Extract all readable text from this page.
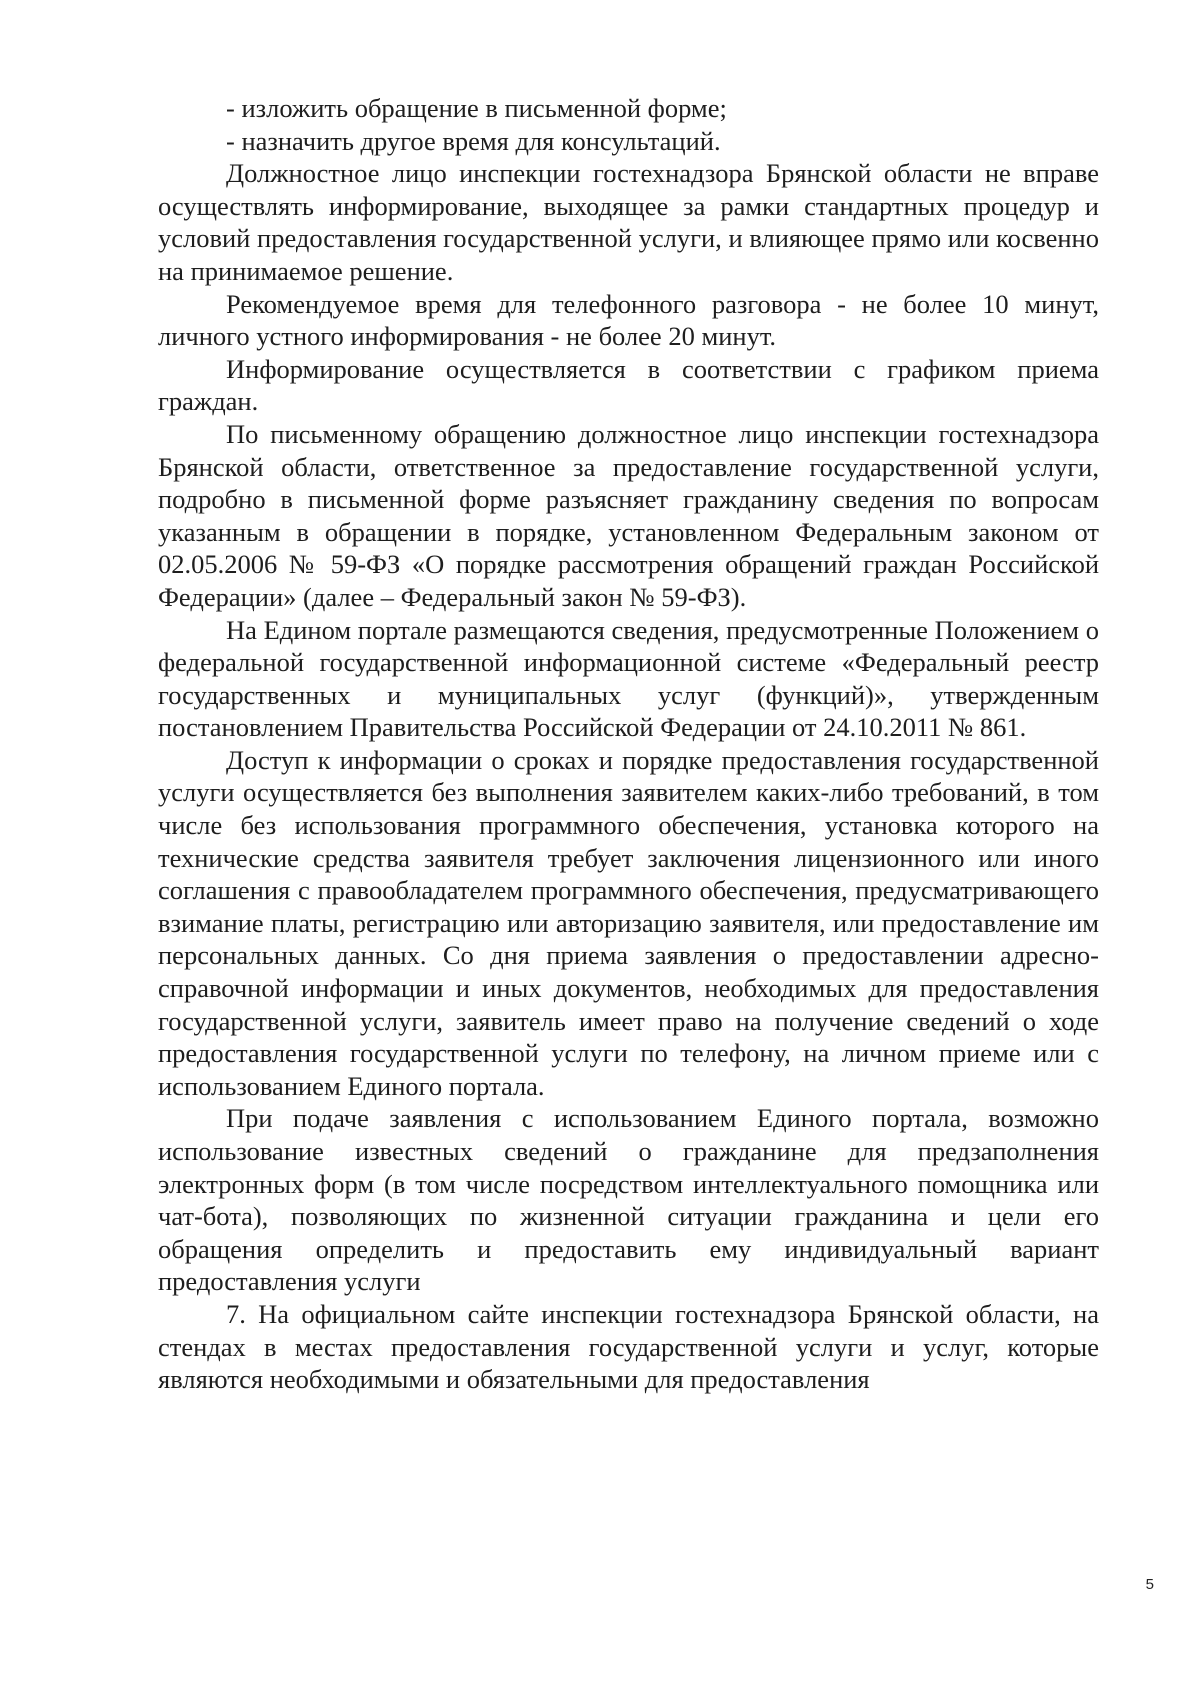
- изложить обращение в письменной форме;

- назначить другое время для консультаций.

Должностное лицо инспекции гостехнадзора Брянской области не вправе осуществлять информирование, выходящее за рамки стандартных процедур и условий предоставления государственной услуги, и влияющее прямо или косвенно на принимаемое решение.

Рекомендуемое время для телефонного разговора - не более 10 минут, личного устного информирования - не более 20 минут.

Информирование осуществляется в соответствии с графиком приема граждан.

По письменному обращению должностное лицо инспекции гостехнадзора Брянской области, ответственное за предоставление государственной услуги, подробно в письменной форме разъясняет гражданину сведения по вопросам указанным в обращении в порядке, установленном Федеральным законом от 02.05.2006 № 59-ФЗ «О порядке рассмотрения обращений граждан Российской Федерации» (далее – Федеральный закон № 59-ФЗ).

На Едином портале размещаются сведения, предусмотренные Положением о федеральной государственной информационной системе «Федеральный реестр государственных и муниципальных услуг (функций)», утвержденным постановлением Правительства Российской Федерации от 24.10.2011 № 861.

Доступ к информации о сроках и порядке предоставления государственной услуги осуществляется без выполнения заявителем каких-либо требований, в том числе без использования программного обеспечения, установка которого на технические средства заявителя требует заключения лицензионного или иного соглашения с правообладателем программного обеспечения, предусматривающего взимание платы, регистрацию или авторизацию заявителя, или предоставление им персональных данных. Со дня приема заявления о предоставлении адресно-справочной информации и иных документов, необходимых для предоставления государственной услуги, заявитель имеет право на получение сведений о ходе предоставления государственной услуги по телефону, на личном приеме или с использованием Единого портала.

При подаче заявления с использованием Единого портала, возможно использование известных сведений о гражданине для предзаполнения электронных форм (в том числе посредством интеллектуального помощника или чат-бота), позволяющих по жизненной ситуации гражданина и цели его обращения определить и предоставить ему индивидуальный вариант предоставления услуги

7. На официальном сайте инспекции гостехнадзора Брянской области, на стендах в местах предоставления государственной услуги и услуг, которые являются необходимыми и обязательными для предоставления

5
